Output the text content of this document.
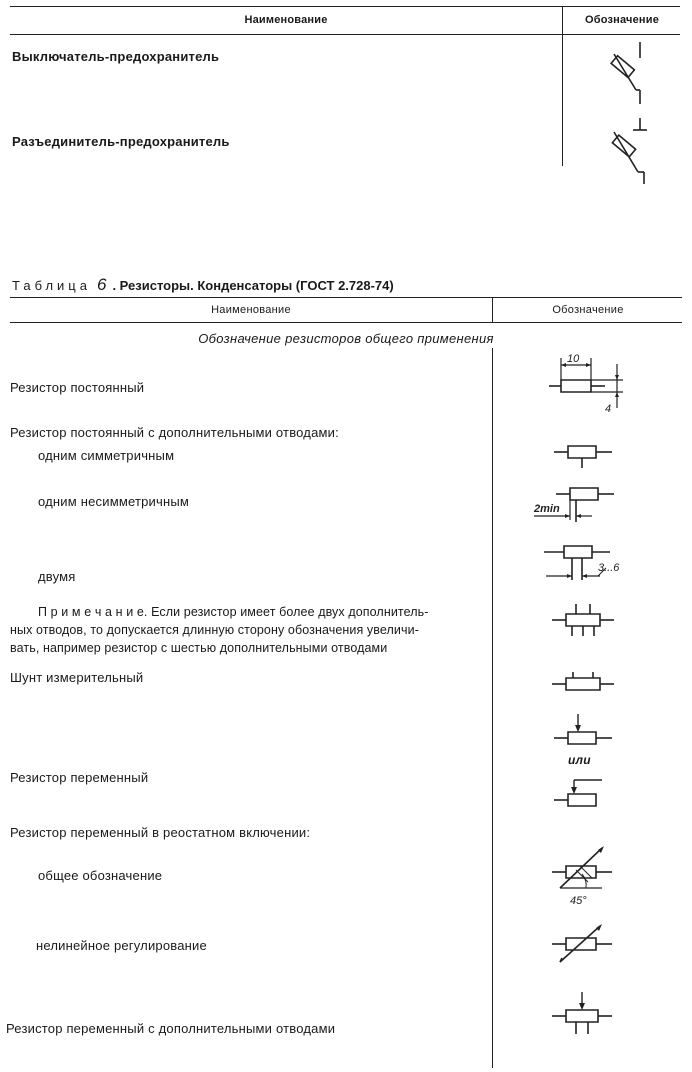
Наименование	Обозначение
Выключатель-предохранитель
Разъединитель-предохранитель
Таблица 6 . Резисторы. Конденсаторы (ГОСТ 2.728-74)
Наименование	Обозначение
Обозначение резисторов общего применения
Резистор постоянный
Резистор постоянный с дополнительными отводами:
одним симметричным
одним несимметричным
двумя
П р и м е ч а н и е. Если резистор имеет более двух дополнитель-
ных отводов, то допускается длинную сторону обозначения увеличи-
вать, например резистор с шестью дополнительными отводами
Шунт измерительный
Резистор переменный
Резистор переменный в реостатном включении:
общее обозначение
нелинейное регулирование
Резистор переменный с дополнительными отводами
10
4
2min
3...6
или
45°
